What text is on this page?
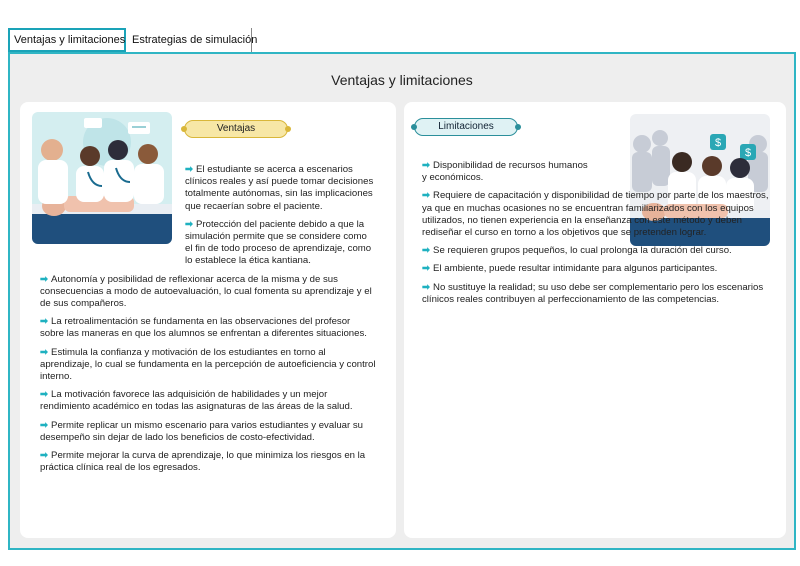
Ventajas y limitaciones Estrategias de simulación
Ventajas y limitaciones
Ventajas
➡ El estudiante se acerca a escenarios clínicos reales y así puede tomar decisiones totalmente autónomas, sin las implicaciones que recaerían sobre el paciente.
➡ Protección del paciente debido a que la simulación permite que se considere como el fin de todo proceso de aprendizaje, como lo establece la ética kantiana.
➡ Autonomía y posibilidad de reflexionar acerca de la misma y de sus consecuencias a modo de autoevaluación, lo cual fomenta su aprendizaje y el de sus compañeros.
➡ La retroalimentación se fundamenta en las observaciones del profesor sobre las maneras en que los alumnos se enfrentan a diferentes situaciones.
➡ Estimula la confianza y motivación de los estudiantes en torno al aprendizaje, lo cual se fundamenta en la percepción de autoeficiencia y control interno.
➡ La motivación favorece las adquisición de habilidades y un mejor rendimiento académico en todas las asignaturas de las áreas de la salud.
➡ Permite replicar un mismo escenario para varios estudiantes y evaluar su desempeño sin dejar de lado los beneficios de costo-efectividad.
➡ Permite mejorar la curva de aprendizaje, lo que minimiza los riesgos en la práctica clínica real de los egresados.
Limitaciones
$
$
➡ Disponibilidad de recursos humanos y económicos.
➡ Requiere de capacitación y disponibilidad de tiempo por parte de los maestros, ya que en muchas ocasiones no se encuentran familiarizados con los equipos utilizados, no tienen experiencia en la enseñanza con este método y deben rediseñar el curso en torno a los objetivos que se pretenden lograr.
➡ Se requieren grupos pequeños, lo cual prolonga la duración del curso.
➡ El ambiente, puede resultar intimidante para algunos participantes.
➡ No sustituye la realidad; su uso debe ser complementario pero los escenarios clínicos reales contribuyen al perfeccionamiento de las competencias.
